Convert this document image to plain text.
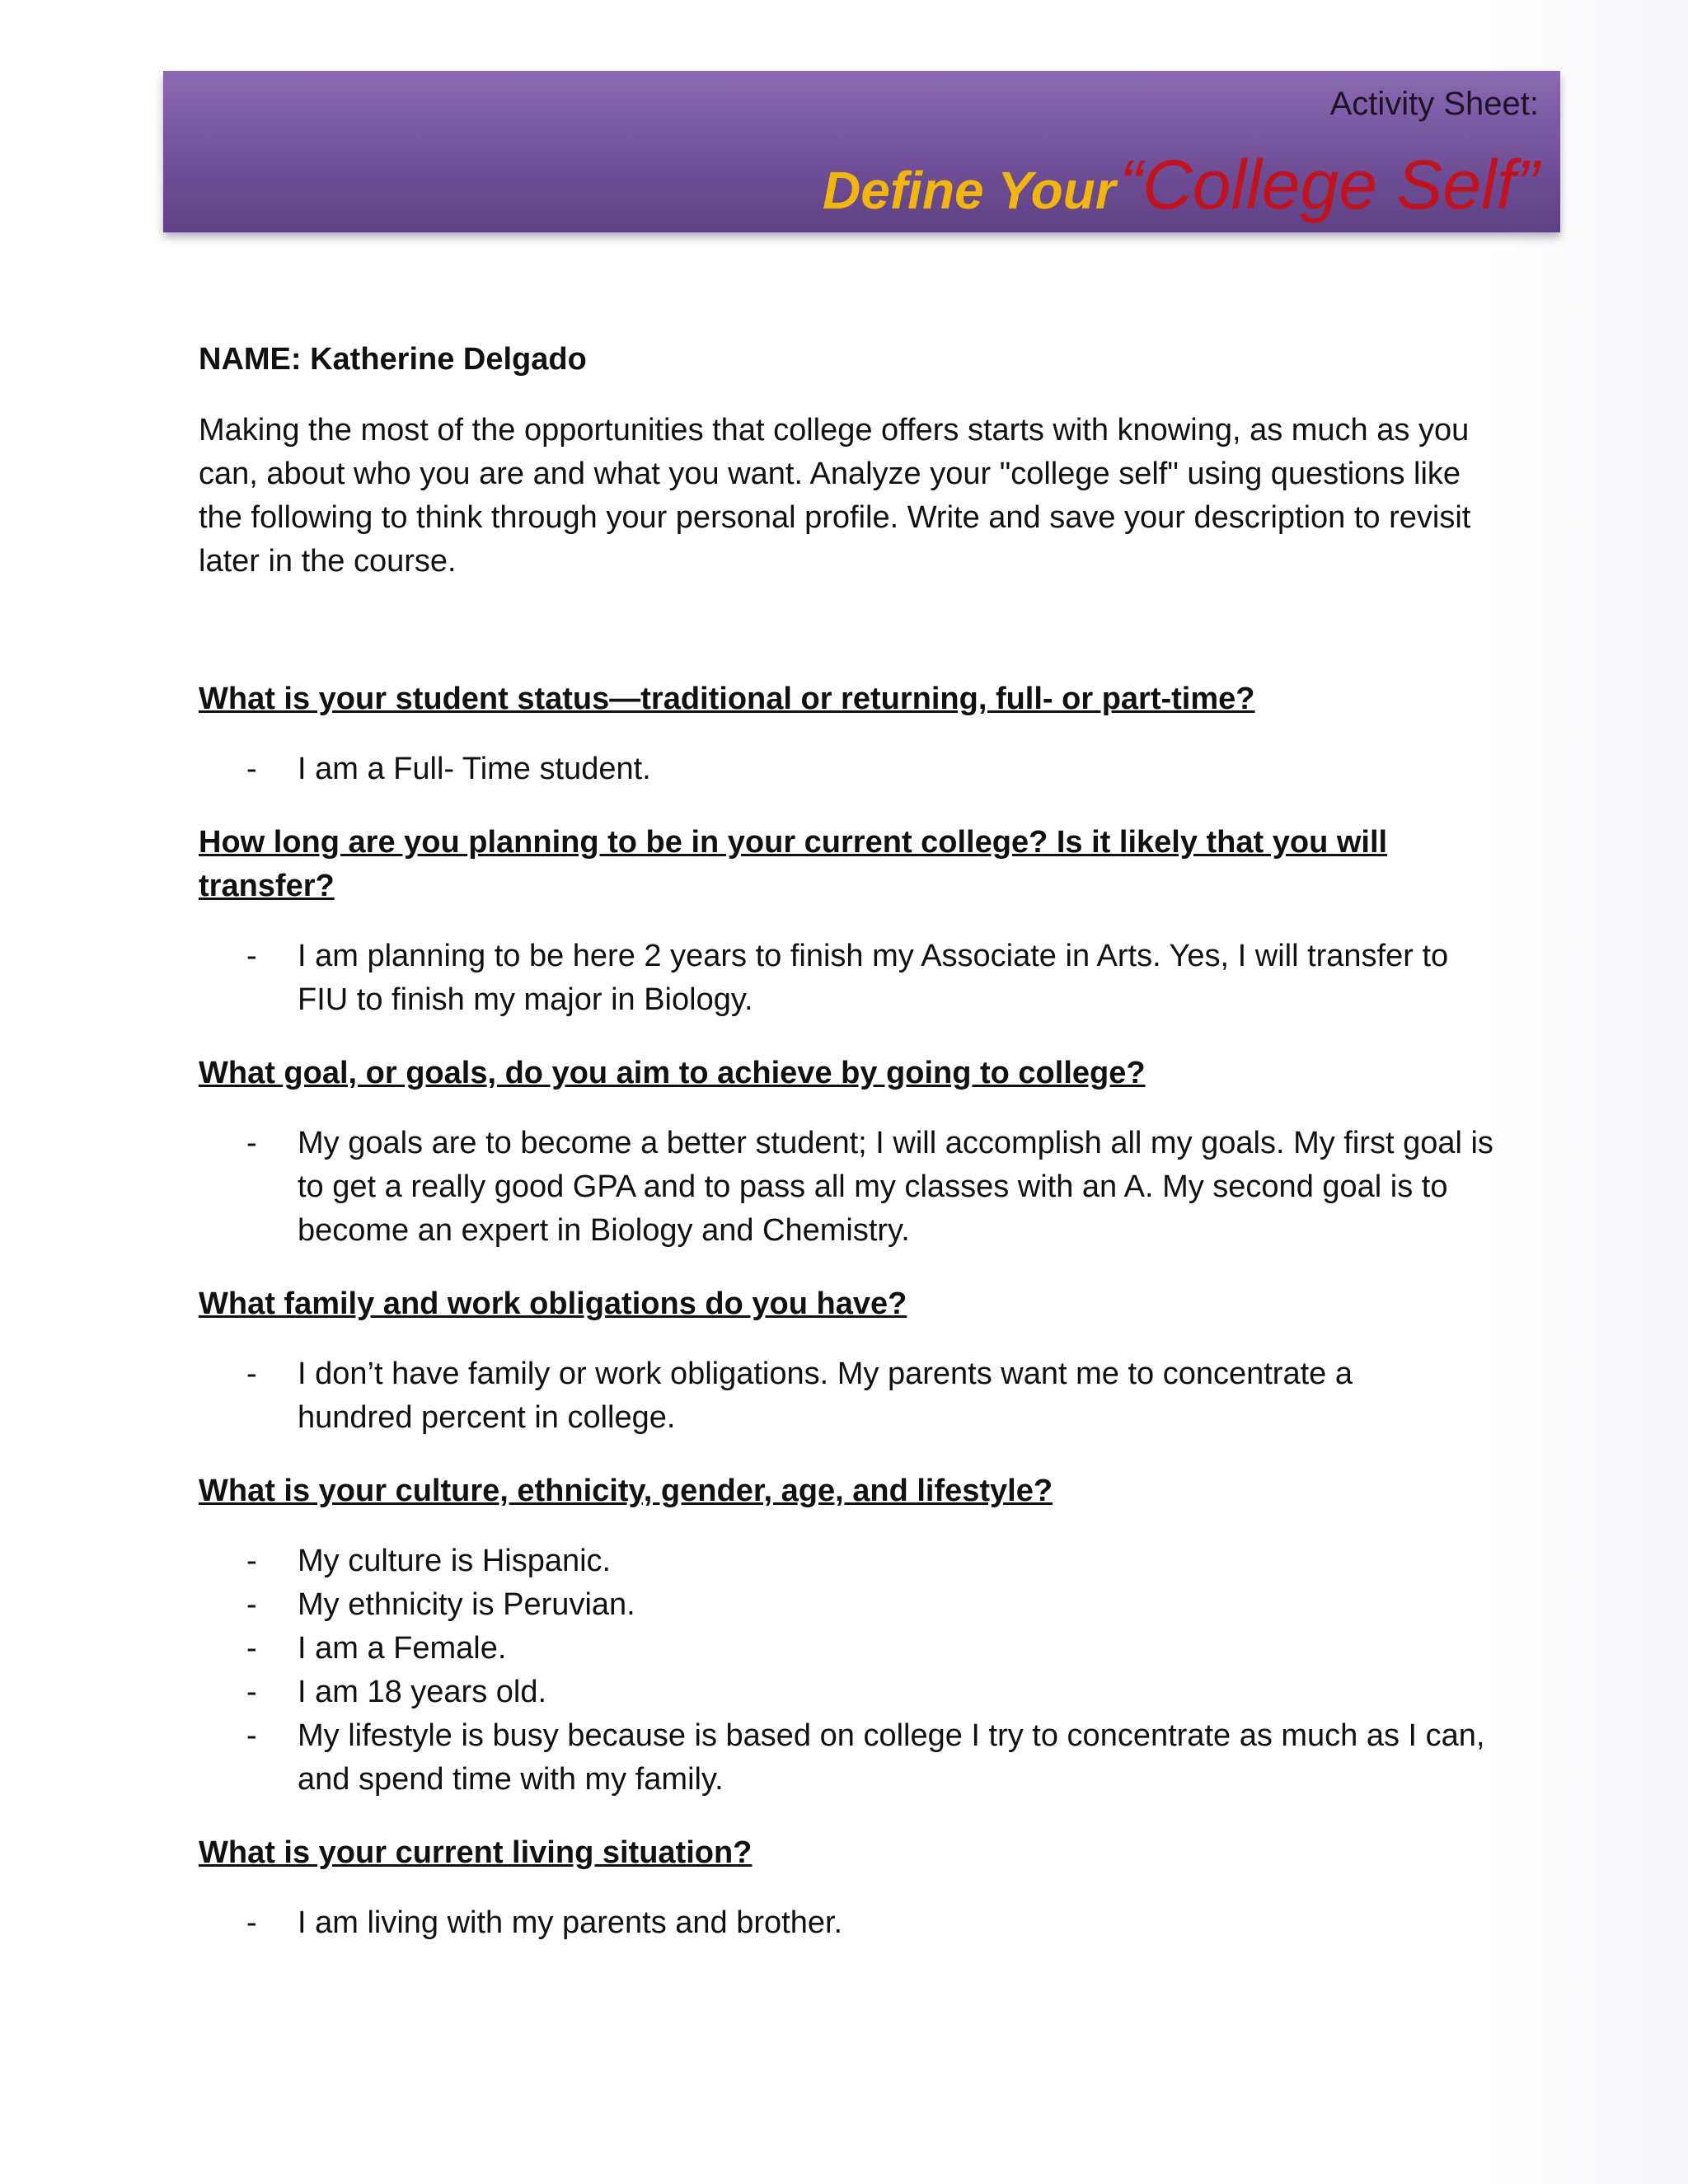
Activity Sheet:
Define Your “College Self”
NAME: Katherine Delgado
Making the most of the opportunities that college offers starts with knowing, as much as you can, about who you are and what you want. Analyze your "college self" using questions like the following to think through your personal profile. Write and save your description to revisit later in the course.

What is your student status—traditional or returning, full- or part-time?

- I am a Full- Time student.

How long are you planning to be in your current college? Is it likely that you will transfer?

- I am planning to be here 2 years to finish my Associate in Arts. Yes, I will transfer to FIU to finish my major in Biology.

What goal, or goals, do you aim to achieve by going to college?

- My goals are to become a better student; I will accomplish all my goals. My first goal is to get a really good GPA and to pass all my classes with an A. My second goal is to become an expert in Biology and Chemistry.

What family and work obligations do you have?

- I don’t have family or work obligations. My parents want me to concentrate a hundred percent in college.

What is your culture, ethnicity, gender, age, and lifestyle?

- My culture is Hispanic.
- My ethnicity is Peruvian.
- I am a Female.
- I am 18 years old.
- My lifestyle is busy because is based on college I try to concentrate as much as I can, and spend time with my family.

What is your current living situation?

- I am living with my parents and brother.
